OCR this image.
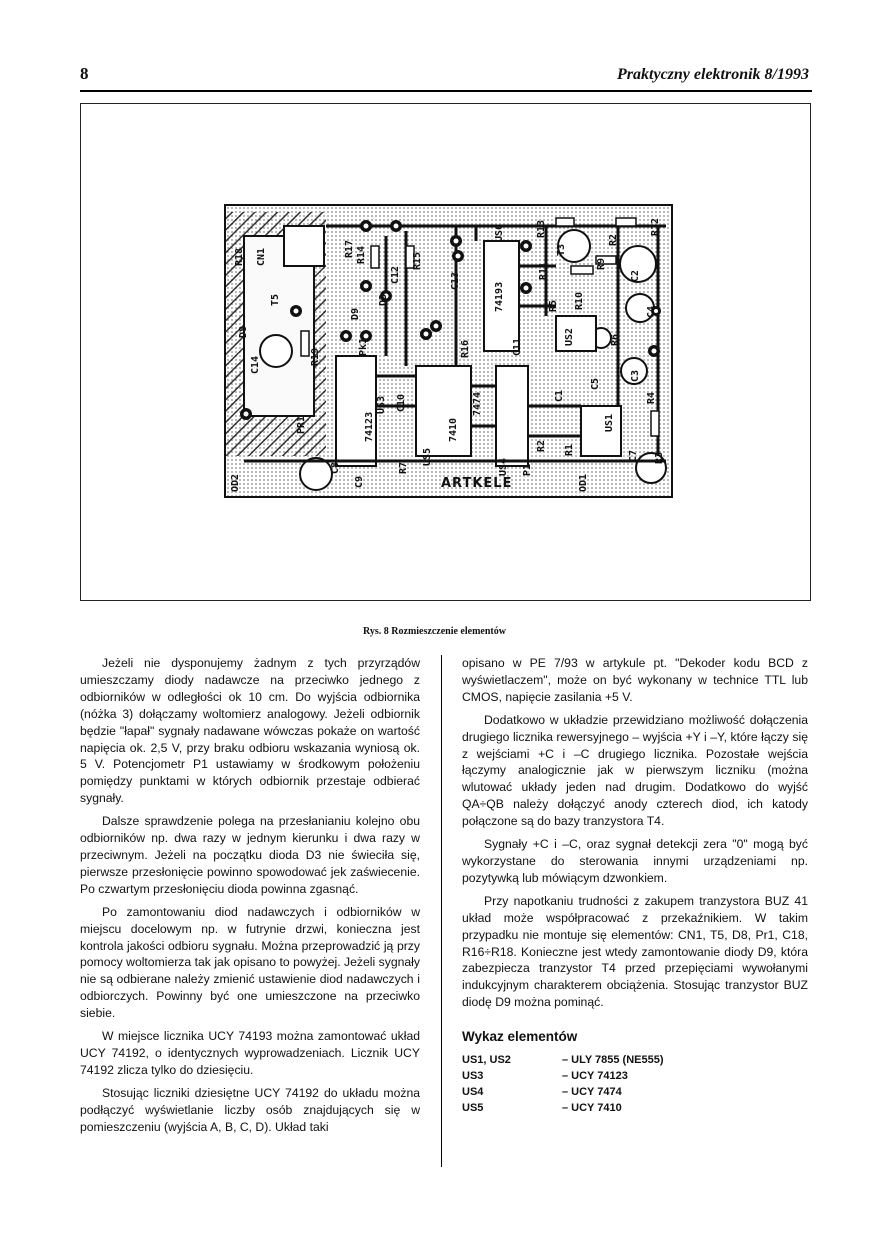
8	Praktyczny elektronik 8/1993
R18 CN1
T5
C14
D8
R19
PR1
OD2
C8
C9
US3
74123
R7
C10
US5
7410
7474
US4
R17 R14
D9
Pk1
D3
C12
R15
C13
R16
US6
74193
C11
R5
R11
T3
R13
R10
R9
R2
R12
C2
C4
US2	R6
C5
C3
R4
C1
R2 R1
P1
US1
C7 R3
OD1
ARTKELE
Rys. 8 Rozmieszczenie elementów

Jeżeli nie dysponujemy żadnym z tych przyrządów umieszczamy diody nadawcze na przeciwko jednego z odbiorników w odległości ok 10 cm. Do wyjścia odbiornika (nóżka 3) dołączamy woltomierz analogowy. Jeżeli odbiornik będzie "łapał" sygnały nadawane wówczas pokaże on wartość napięcia ok. 2,5 V, przy braku odbioru wskazania wyniosą ok. 5 V. Potencjometr P1 ustawiamy w środkowym położeniu pomiędzy punktami w których odbiornik przestaje odbierać sygnały.

Dalsze sprawdzenie polega na przesłanianiu kolejno obu odbiorników np. dwa razy w jednym kierunku i dwa razy w przeciwnym. Jeżeli na początku dioda D3 nie świeciła się, pierwsze przesłonięcie powinno spowodować jek zaświecenie. Po czwartym przesłonięciu dioda powinna zgasnąć.

Po zamontowaniu diod nadawczych i odbiorników w miejscu docelowym np. w futrynie drzwi, konieczna jest kontrola jakości odbioru sygnału. Można przeprowadzić ją przy pomocy woltomierza tak jak opisano to powyżej. Jeżeli sygnały nie są odbierane należy zmienić ustawienie diod nadawczych i odbiorczych. Powinny być one umieszczone na przeciwko siebie.

W miejsce licznika UCY 74193 można zamontować układ UCY 74192, o identycznych wyprowadzeniach. Licznik UCY 74192 zlicza tylko do dziesięciu.

Stosując liczniki dziesiętne UCY 74192 do układu można podłączyć wyświetlanie liczby osób znajdujących się w pomieszczeniu (wyjścia A, B, C, D). Układ taki

opisano w PE 7/93 w artykule pt. "Dekoder kodu BCD z wyświetlaczem", może on być wykonany w technice TTL lub CMOS, napięcie zasilania +5 V.

Dodatkowo w układzie przewidziano możliwość dołączenia drugiego licznika rewersyjnego – wyjścia +Y i –Y, które łączy się z wejściami +C i –C drugiego licznika. Pozostałe wejścia łączymy analogicznie jak w pierwszym liczniku (można wlutować układy jeden nad drugim. Dodatkowo do wyjść QA÷QB należy dołączyć anody czterech diod, ich katody połączone są do bazy tranzystora T4.

Sygnały +C i –C, oraz sygnał detekcji zera "0" mogą być wykorzystane do sterowania innymi urządzeniami np. pozytywką lub mówiącym dzwonkiem.

Przy napotkaniu trudności z zakupem tranzystora BUZ 41 układ może współpracować z przekaźnikiem. W takim przypadku nie montuje się elementów: CN1, T5, D8, Pr1, C18, R16÷R18. Konieczne jest wtedy zamontowanie diody D9, która zabezpiecza tranzystor T4 przed przepięciami wywołanymi indukcyjnym charakterem obciążenia. Stosując tranzystor BUZ diodę D9 można pominąć.

Wykaz elementów
US1, US2	– ULY 7855 (NE555)
US3	– UCY 74123
US4	– UCY 7474
US5	– UCY 7410
